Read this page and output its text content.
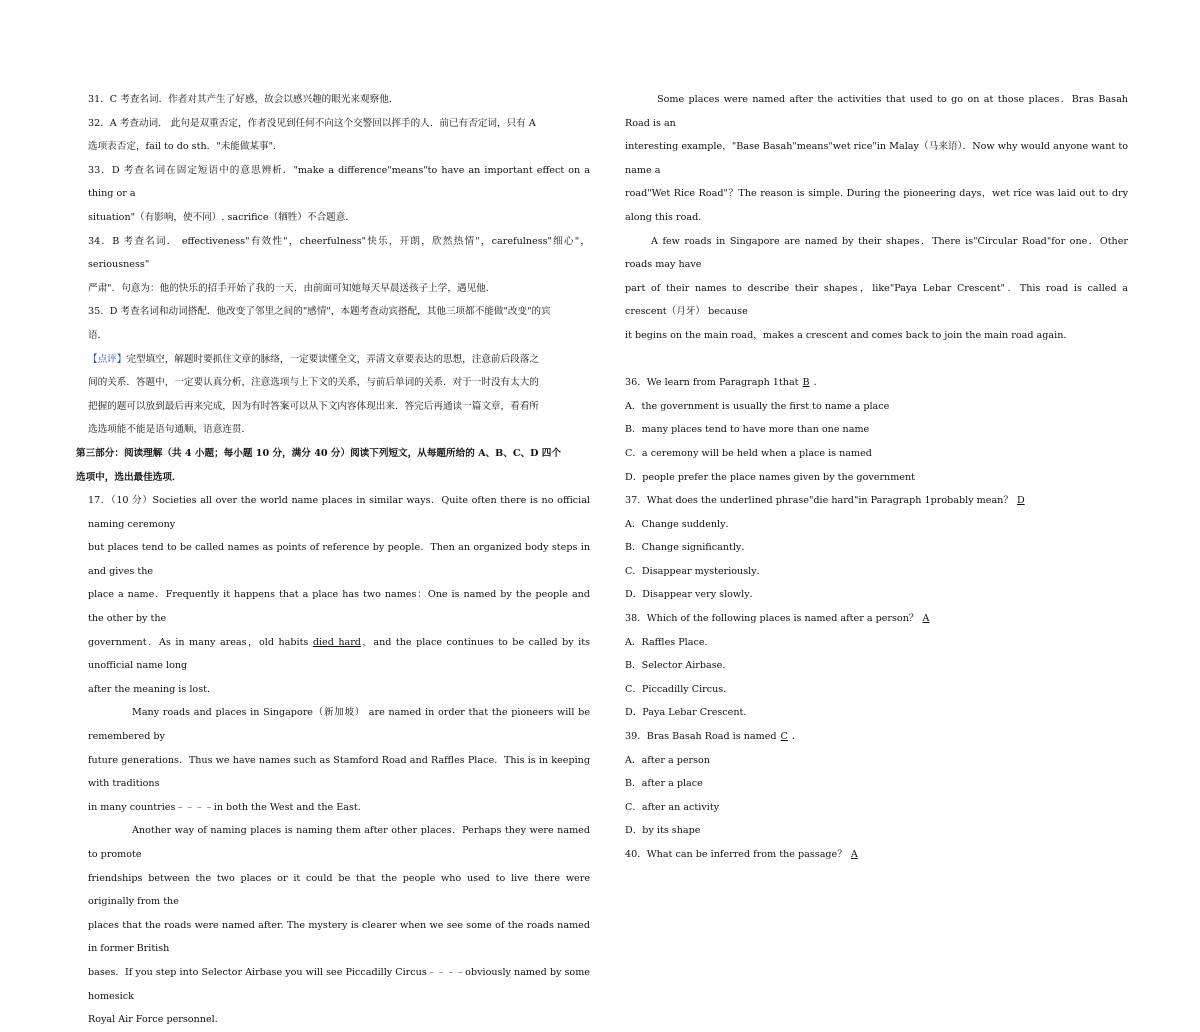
31．C 考查名词．作者对其产生了好感，故会以感兴趣的眼光来观察他．

32．A 考查动词． 此句是双重否定，作者没见到任何不向这个交警回以挥手的人．前已有否定词，只有 A

选项表否定，fail to do sth．"未能做某事"．

33．D 考查名词在固定短语中的意思辨析．"make a difference"means"to have an important effect on a thing or a

situation"（有影响，使不同）. sacrifice（牺牲）不合题意．

34．B 考查名词． effectiveness"有效性"，cheerfulness"快乐，开朗，欣然热情"，carefulness"细心"，seriousness"

严肃"．句意为：他的快乐的招手开始了我的一天．由前面可知她每天早晨送孩子上学，遇见他．

35．D 考查名词和动词搭配．他改变了邻里之间的"感情"，本题考查动宾搭配，其他三项都不能做"改变"的宾

语．

【点评】完型填空，解题时要抓住文章的脉络，一定要读懂全文，弄清文章要表达的思想，注意前后段落之

间的关系．答题中，一定要认真分析，注意选项与上下文的关系，与前后单词的关系．对于一时没有太大的

把握的题可以放到最后再来完成，因为有时答案可以从下文内容体现出来．答完后再通读一篇文章，看看所

选选项能不能是语句通顺，语意连贯．

第三部分：阅读理解（共 4 小题；每小题 10 分，满分 40 分）阅读下列短文，从每题所给的 A、B、C、D 四个

选项中，选出最佳选项．

17．（10 分）Societies all over the world name places in similar ways．Quite often there is no official naming ceremony

but places tend to be called names as points of reference by people．Then an organized body steps in and gives the

place a name．Frequently it happens that a place has two names：One is named by the people and the other by the

government．As in many areas，old habits died hard，and the place continues to be called by its unofficial name long

after the meaning is lost．

Many roads and places in Singapore（新加坡） are named in order that the pioneers will be remembered by

future generations．Thus we have names such as Stamford Road and Raffles Place．This is in keeping with traditions

in many countries﹣﹣﹣﹣in both the West and the East．

Another way of naming places is naming them after other places．Perhaps they were named to promote

friendships between the two places or it could be that the people who used to live there were originally from the

places that the roads were named after. The mystery is clearer when we see some of the roads named in former British

bases．If you step into Selector Airbase you will see Piccadilly Circus﹣﹣﹣﹣obviously named by some homesick

Royal Air Force personnel．

Some places were named after the activities that used to go on at those places．Bras Basah Road is an

interesting example，"Base Basah"means"wet rice"in Malay（马来语）．Now why would anyone want to name a

road"Wet Rice Road"？The reason is simple. During the pioneering days，wet rice was laid out to dry along this road．

A few roads in Singapore are named by their shapes．There is"Circular Road"for one．Other roads may have

part of their names to describe their shapes，like"Paya Lebar Crescent"．This road is called a crescent（月牙） because

it begins on the main road，makes a crescent and comes back to join the main road again．

36．We learn from Paragraph 1that B ．

A．the government is usually the first to name a place

B．many places tend to have more than one name

C．a ceremony will be held when a place is named

D．people prefer the place names given by the government

37．What does the underlined phrase"die hard"in Paragraph 1probably mean？ D

A．Change suddenly．

B．Change significantly．

C．Disappear mysteriously．

D．Disappear very slowly．

38．Which of the following places is named after a person？ A

A．Raffles Place．

B．Selector Airbase．

C．Piccadilly Circus．

D．Paya Lebar Crescent．

39．Bras Basah Road is named C ．

A．after a person

B．after a place

C．after an activity

D．by its shape

40．What can be inferred from the passage？ A
